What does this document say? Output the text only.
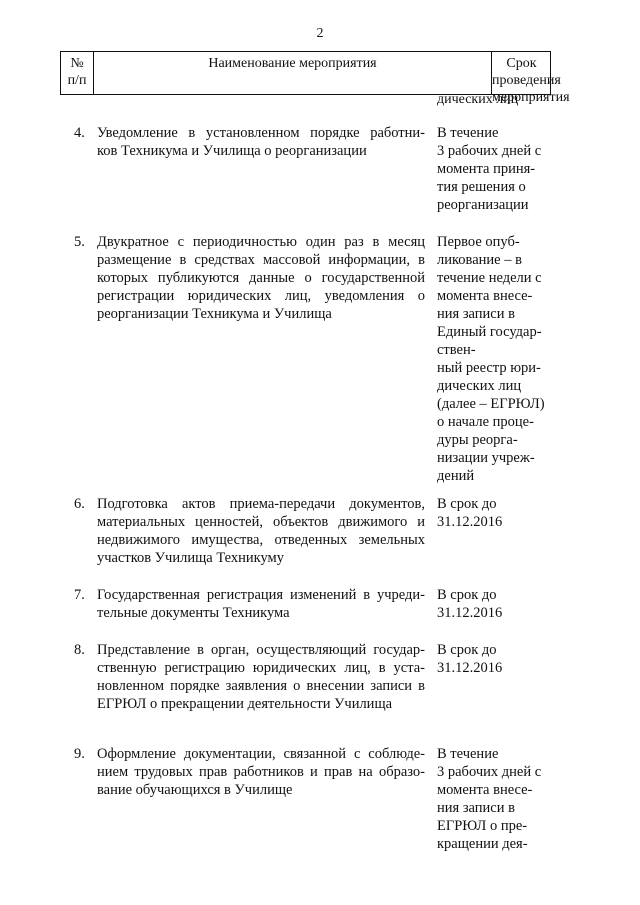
2
№
п/п
Наименование мероприятия	Срок проведения
мероприятия
дических лиц
4. Уведомление в установленном порядке работни-
ков Техникума и Училища о реорганизации
В течение
3 рабочих дней с
момента приня-
тия решения о
реорганизации
5. Двукратное с периодичностью один раз в месяц
размещение в средствах массовой информации, в
которых публикуются данные о государственной
регистрации юридических лиц, уведомления о
реорганизации Техникума и Училища
Первое опуб-
ликование – в
течение недели с
момента внесе-
ния записи в
Единый государ-
ствен-
ный реестр юри-
дических лиц
(далее – ЕГРЮЛ)
о начале проце-
дуры реорга-
низации учреж-
дений
6. Подготовка актов приема-передачи документов,
материальных ценностей, объектов движимого и
недвижимого имущества, отведенных земельных
участков Училища Техникуму
В срок до
31.12.2016
7. Государственная регистрация изменений в учреди-
тельные документы Техникума
В срок до
31.12.2016
8. Представление в орган, осуществляющий государ-
ственную регистрацию юридических лиц, в уста-
новленном порядке заявления о внесении записи в
ЕГРЮЛ о прекращении деятельности Училища
В срок до
31.12.2016
9. Оформление документации, связанной с соблюде-
нием трудовых прав работников и прав на образо-
вание обучающихся в Училище
В течение
3 рабочих дней с
момента внесе-
ния записи в
ЕГРЮЛ о пре-
кращении дея-
